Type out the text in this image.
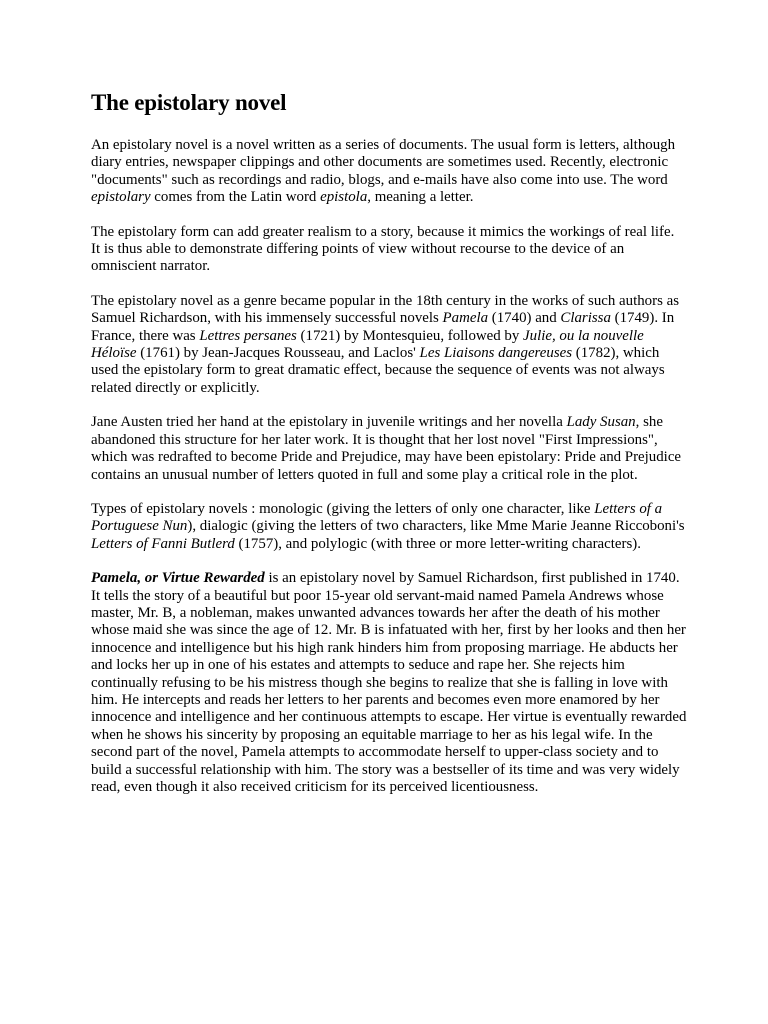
The epistolary novel

An epistolary novel is a novel written as a series of documents. The usual form is letters, although diary entries, newspaper clippings and other documents are sometimes used. Recently, electronic "documents" such as recordings and radio, blogs, and e-mails have also come into use. The word epistolary comes from the Latin word epistola, meaning a letter.

The epistolary form can add greater realism to a story, because it mimics the workings of real life. It is thus able to demonstrate differing points of view without recourse to the device of an omniscient narrator.

The epistolary novel as a genre became popular in the 18th century in the works of such authors as Samuel Richardson, with his immensely successful novels Pamela (1740) and Clarissa (1749). In France, there was Lettres persanes (1721) by Montesquieu, followed by Julie, ou la nouvelle Héloïse (1761) by Jean-Jacques Rousseau, and Laclos' Les Liaisons dangereuses (1782), which used the epistolary form to great dramatic effect, because the sequence of events was not always related directly or explicitly.

Jane Austen tried her hand at the epistolary in juvenile writings and her novella Lady Susan, she abandoned this structure for her later work. It is thought that her lost novel "First Impressions", which was redrafted to become Pride and Prejudice, may have been epistolary: Pride and Prejudice contains an unusual number of letters quoted in full and some play a critical role in the plot.

Types of epistolary novels : monologic (giving the letters of only one character, like Letters of a Portuguese Nun), dialogic (giving the letters of two characters, like Mme Marie Jeanne Riccoboni's Letters of Fanni Butlerd (1757), and polylogic (with three or more letter-writing characters).

Pamela, or Virtue Rewarded is an epistolary novel by Samuel Richardson, first published in 1740. It tells the story of a beautiful but poor 15-year old servant-maid named Pamela Andrews whose master, Mr. B, a nobleman, makes unwanted advances towards her after the death of his mother whose maid she was since the age of 12. Mr. B is infatuated with her, first by her looks and then her innocence and intelligence but his high rank hinders him from proposing marriage. He abducts her and locks her up in one of his estates and attempts to seduce and rape her. She rejects him continually refusing to be his mistress though she begins to realize that she is falling in love with him. He intercepts and reads her letters to her parents and becomes even more enamored by her innocence and intelligence and her continuous attempts to escape. Her virtue is eventually rewarded when he shows his sincerity by proposing an equitable marriage to her as his legal wife. In the second part of the novel, Pamela attempts to accommodate herself to upper-class society and to build a successful relationship with him. The story was a bestseller of its time and was very widely read, even though it also received criticism for its perceived licentiousness.
